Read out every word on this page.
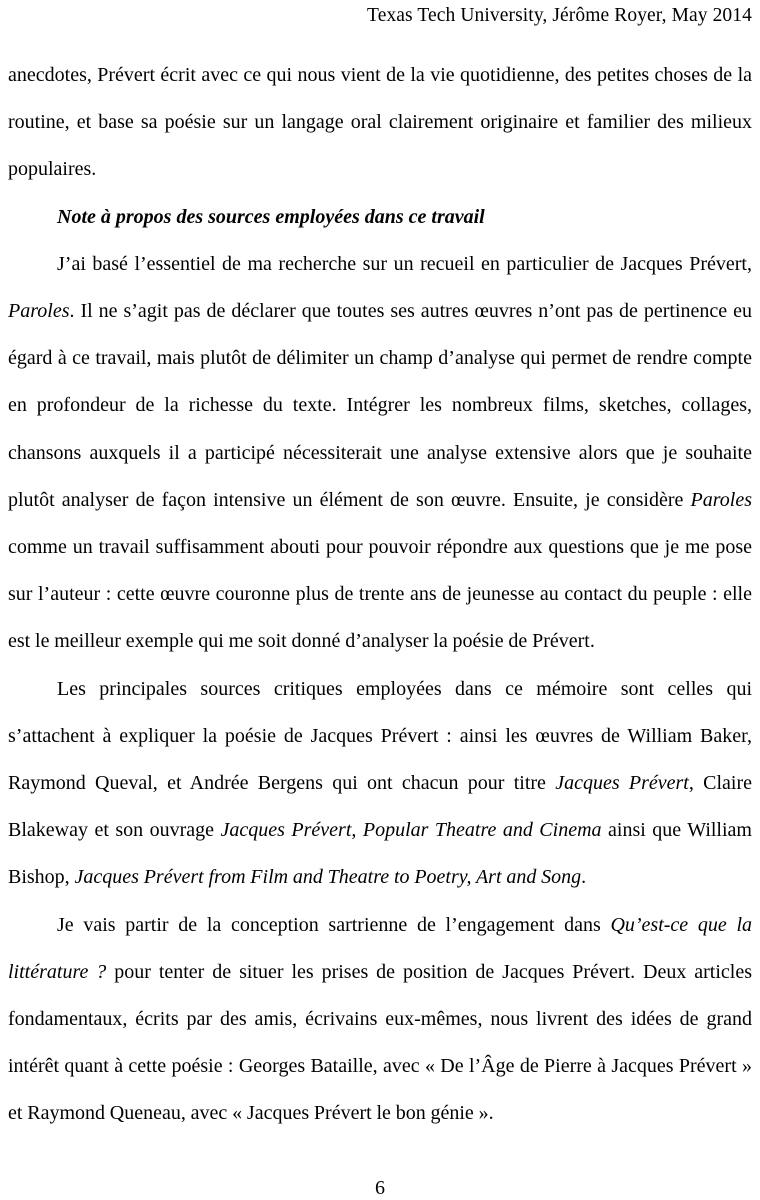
Texas Tech University, Jérôme Royer, May 2014

anecdotes, Prévert écrit avec ce qui nous vient de la vie quotidienne, des petites choses de la routine, et base sa poésie sur un langage oral clairement originaire et familier des milieux populaires.

Note à propos des sources employées dans ce travail

J’ai basé l’essentiel de ma recherche sur un recueil en particulier de Jacques Prévert, Paroles. Il ne s’agit pas de déclarer que toutes ses autres œuvres n’ont pas de pertinence eu égard à ce travail, mais plutôt de délimiter un champ d’analyse qui permet de rendre compte en profondeur de la richesse du texte. Intégrer les nombreux films, sketches, collages, chansons auxquels il a participé nécessiterait une analyse extensive alors que je souhaite plutôt analyser de façon intensive un élément de son œuvre. Ensuite, je considère Paroles comme un travail suffisamment abouti pour pouvoir répondre aux questions que je me pose sur l’auteur : cette œuvre couronne plus de trente ans de jeunesse au contact du peuple : elle est le meilleur exemple qui me soit donné d’analyser la poésie de Prévert.

Les principales sources critiques employées dans ce mémoire sont celles qui s’attachent à expliquer la poésie de Jacques Prévert : ainsi les œuvres de William Baker, Raymond Queval, et Andrée Bergens qui ont chacun pour titre Jacques Prévert, Claire Blakeway et son ouvrage Jacques Prévert, Popular Theatre and Cinema ainsi que William Bishop, Jacques Prévert from Film and Theatre to Poetry, Art and Song.

Je vais partir de la conception sartrienne de l’engagement dans Qu’est-ce que la littérature ? pour tenter de situer les prises de position de Jacques Prévert. Deux articles fondamentaux, écrits par des amis, écrivains eux-mêmes, nous livrent des idées de grand intérêt quant à cette poésie : Georges Bataille, avec « De l’Âge de Pierre à Jacques Prévert » et Raymond Queneau, avec « Jacques Prévert le bon génie ».

6
